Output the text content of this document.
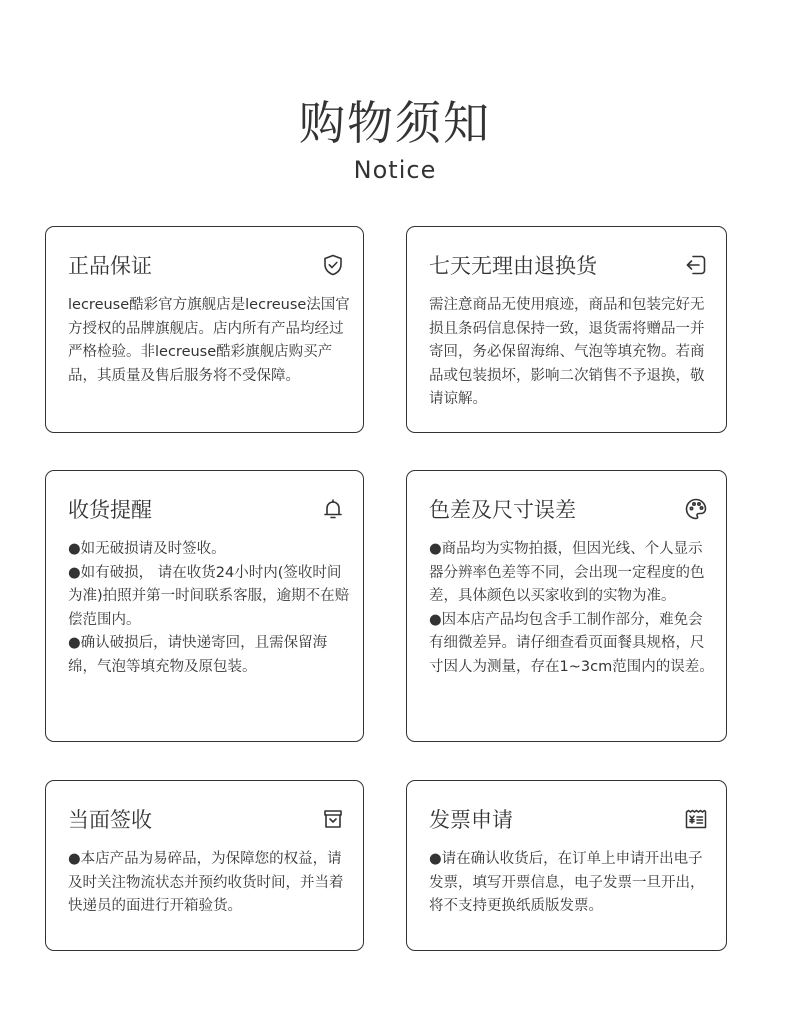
购物须知
Notice
正品保证

lecreuse酷彩官方旗舰店是lecreuse法国官方授权的品牌旗舰店。店内所有产品均经过严格检验。非lecreuse酷彩旗舰店购买产品，其质量及售后服务将不受保障。

七天无理由退换货

需注意商品无使用痕迹，商品和包装完好无损且条码信息保持一致，退货需将赠品一并寄回，务必保留海绵、气泡等填充物。若商品或包装损坏，影响二次销售不予退换，敬请谅解。

收货提醒

●如无破损请及时签收。

●如有破损， 请在收货24小时内(签收时间为准)拍照并第一时间联系客服，逾期不在赔偿范围内。

●确认破损后，请快递寄回，且需保留海绵，气泡等填充物及原包装。

色差及尺寸误差

●商品均为实物拍摄，但因光线、个人显示器分辨率色差等不同，会出现一定程度的色差，具体颜色以买家收到的实物为准。

●因本店产品均包含手工制作部分，难免会有细微差异。请仔细查看页面餐具规格，尺寸因人为测量，存在1~3cm范围内的误差。

当面签收

●本店产品为易碎品，为保障您的权益，请及时关注物流状态并预约收货时间，并当着快递员的面进行开箱验货。

发票申请

●请在确认收货后，在订单上申请开出电子发票，填写开票信息，电子发票一旦开出，将不支持更换纸质版发票。
